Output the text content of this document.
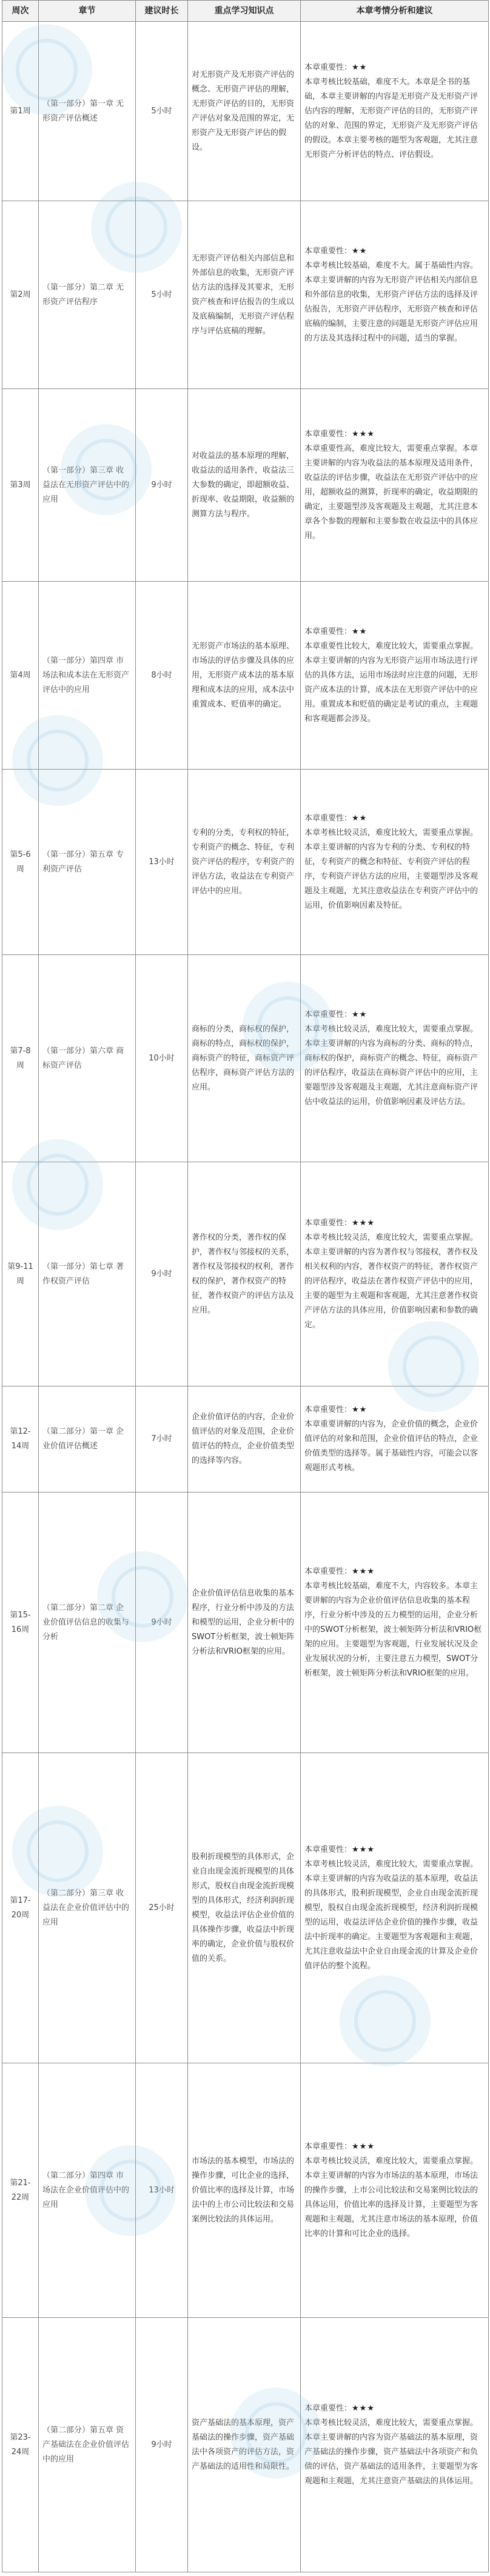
周次	章节	建议时长	重点学习知识点	本章考情分析和建议
第1周	（第一部分）第一章 无形资产评估概述	5小时	对无形资产及无形资产评估的概念、无形资产评估的理解，无形资产评估的目的，无形资产评估对象及范围的界定，无形资产及无形资产评估的假设。	本章重要性：★★
本章考核比较基础，难度不大。本章是全书的基础，本章主要讲解的内容是无形资产及无形资产评估内容的理解，无形资产评估的目的，无形资产评估的对象、范围的界定，无形资产及无形资产评估的假设。本章主要考核的题型为客观题，尤其注意无形资产分析评估的特点、评估假设。

第2周	（第一部分）第二章 无形资产评估程序	5小时	无形资产评估相关内部信息和外部信息的收集，无形资产评估方法的选择及其要求，无形资产核查和评估报告的生成以及底稿编制，无形资产评估程序与评估底稿的理解。	本章重要性：★★
本章考核比较基础，难度不大。属于基础性内容。本章主要讲解的内容为无形资产评估相关内部信息和外部信息的收集，无形资产评估方法的选择及评估报告，无形资产评估程序，无形资产核查和评估底稿的编制，主要注意的问题是无形资产评估应用的方法及其选择过程中的问题，适当的掌握。

第3周	（第一部分）第三章 收益法在无形资产评估中的应用	9小时	对收益法的基本原理的理解，收益法的适用条件，收益法三大参数的确定，即超额收益、折现率、收益期限，收益额的测算方法与程序。	本章重要性：★★★
本章重要性高，难度比较大，需要重点掌握。本章主要讲解的内容为收益法的基本原理及适用条件，收益法的评估步骤，收益法在无形资产评估中的应用，超额收益的测算，折现率的确定，收益期限的确定，主要题型涉及客观题及主观题，尤其注意本章各个参数的理解和主要参数在收益法中的具体应用。

第4周	（第一部分）第四章 市场法和成本法在无形资产评估中的应用	8小时	无形资产市场法的基本原理、市场法的评估步骤及具体的应用，无形资产成本法的基本原理和成本法的应用，成本法中重置成本、贬值率的确定。	本章重要性：★★
本章重要性比较大，难度比较大，需要重点掌握。本章主要讲解的内容为无形资产运用市场法进行评估的具体方法，运用市场法时应注意的问题，无形资产成本法的计算，成本法在无形资产评估中的应用。重置成本和贬值的确定是考试的重点，主观题和客观题都会涉及。

第5-6周	（第一部分）第五章 专利资产评估	13小时	专利的分类，专利权的特征，专利资产的概念、特征，专利资产评估的程序，专利资产的评估方法，收益法在专利资产评估中的应用。	本章重要性：★★
本章考核比较灵活，难度比较大，需要重点掌握。本章主要讲解的内容为专利的分类、专利权的特征，专利资产的概念和特征、专利资产评估的程序，专利资产评估方法的应用，主要题型涉及客观题及主观题，尤其注意收益法在专利资产评估中的运用，价值影响因素及特征。

第7-8周	（第一部分）第六章 商标资产评估	10小时	商标的分类，商标权的保护，商标的特点，商标权的保护，商标资产的特征，商标资产评估程序，商标资产评估方法的应用。	本章重要性：★★
本章考核比较灵活，难度比较大，需要重点掌握。本章主要讲解的内容为商标的分类、商标的特点，商标权的保护，商标资产的概念、特征，商标资产的评估程序，收益法在商标资产评估中的应用，主要题型涉及客观题及主观题，尤其注意商标资产评估中收益法的运用，价值影响因素及评估方法。

第9-11周	（第一部分）第七章 著作权资产评估	9小时	著作权的分类，著作权的保护，著作权与邻接权的关系，著作权及邻接权的权利，著作权的保护，著作权资产的特征，著作权资产的评估方法及应用。	本章重要性：★★★
本章考核比较灵活，难度比较大，需要重点掌握。本章主要讲解的内容为著作权与邻接权，著作权及相关权利的内容，著作权资产的特征，著作权资产的评估程序，收益法在著作权资产评估中的应用，主要的题型为主观题和客观题，尤其注意著作权资产评估方法的具体应用，价值影响因素和参数的确定。

第12-14周	（第二部分）第一章 企业价值评估概述	7小时	企业价值评估的内容，企业价值评估的对象及范围，企业价值评估的特点，企业价值类型的选择等内容。	本章重要性：★★
本章重要讲解的内容为，企业价值的概念，企业价值评估的对象和范围，企业价值评估的特点，企业价值类型的选择等。属于基础性内容，可能会以客观题形式考核。

第15-16周	（第二部分）第二章 企业价值评估信息的收集与分析	9小时	企业价值评估信息收集的基本程序，行业分析中涉及的方法和模型的运用，企业分析中的SWOT分析框架，波士顿矩阵分析法和VRIO框架的应用。	本章重要性：★★★
本章考核比较基础，难度不大，内容较多。本章主要讲解的内容为企业价值评估信息收集的基本程序，行业分析中涉及的五力模型的运用，企业分析中的SWOT分析框架，波士顿矩阵分析法和VRIO框架的应用。主要题型为客观题，行业发展状况及企业发展状况的分析，主要注意五力模型，SWOT分析框架，波士顿矩阵分析法和VRIO框架的应用。

第17-20周	（第二部分）第三章 收益法在企业价值评估中的应用	25小时	股利折现模型的具体形式，企业自由现金流折现模型的具体形式，股权自由现金流折现模型的具体形式，经济利润折现模型，收益法评估企业价值的具体操作步骤，收益法中折现率的确定，企业价值与股权价值的关系。	本章重要性：★★★
本章考核比较灵活，难度比较大，需要重点掌握。本章主要讲解的内容为收益法的基本原理，收益法的具体形式，股利折现模型，企业自由现金流折现模型，股权自由现金流折现模型，经济利润折现模型的运用，收益法评估企业价值的操作步骤，收益法中折现率的确定。主要题型为客观题和主观题，尤其注意收益法中企业自由现金流的计算及企业价值评估的整个流程。

第21-22周	（第二部分）第四章 市场法在企业价值评估中的应用	13小时	市场法的基本模型，市场法的操作步骤，可比企业的选择，价值比率的选择及计算，市场法中的上市公司比较法和交易案例比较法的具体运用。	本章重要性：★★★
本章考核比较灵活，难度比较大，需要重点掌握。本章主要讲解的内容为市场法的基本原理，市场法的操作步骤，上市公司比较法和交易案例比较法的具体运用，价值比率的选择及计算，主要题型为客观题和主观题，尤其注意市场法的基本原理，价值比率的计算和可比企业的选择。

第23-24周	（第二部分）第五章 资产基础法在企业价值评估中的应用	9小时	资产基础法的基本原理，资产基础法的操作步骤，资产基础法中各项资产的评估方法，资产基础法的适用性和局限性。	本章重要性：★★★
本章考核比较灵活，难度比较大，需要重点掌握。本章主要讲解的内容为资产基础法的基本原理，资产基础法的操作步骤，资产基础法中各项资产和负债的评估，资产基础法的适用条件，主要题型为客观题和主观题，尤其注意资产基础法的具体运用。
